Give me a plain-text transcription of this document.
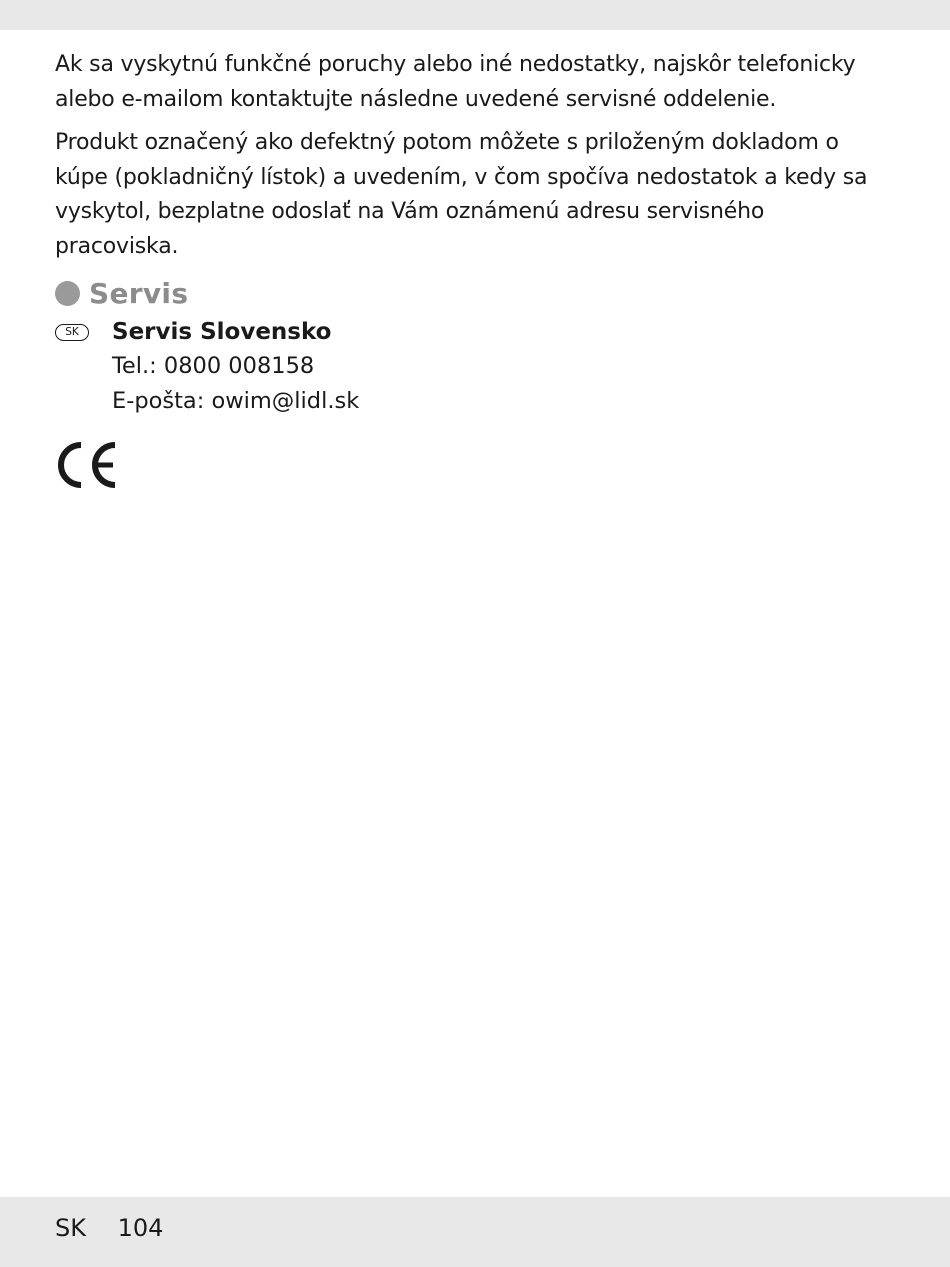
Ak sa vyskytnú funkčné poruchy alebo iné nedostatky, najskôr telefonicky alebo e-mailom kontaktujte následne uvedené servisné oddelenie.

Produkt označený ako defektný potom môžete s priloženým dokladom o kúpe (pokladničný lístok) a uvedením, v čom spočíva nedostatok a kedy sa vyskytol, bezplatne odoslať na Vám oznámenú adresu servisného pracoviska.

Servis
SK	Servis Slovensko
Tel.: 0800 008158
E-pošta: owim@lidl.sk
SK 104
